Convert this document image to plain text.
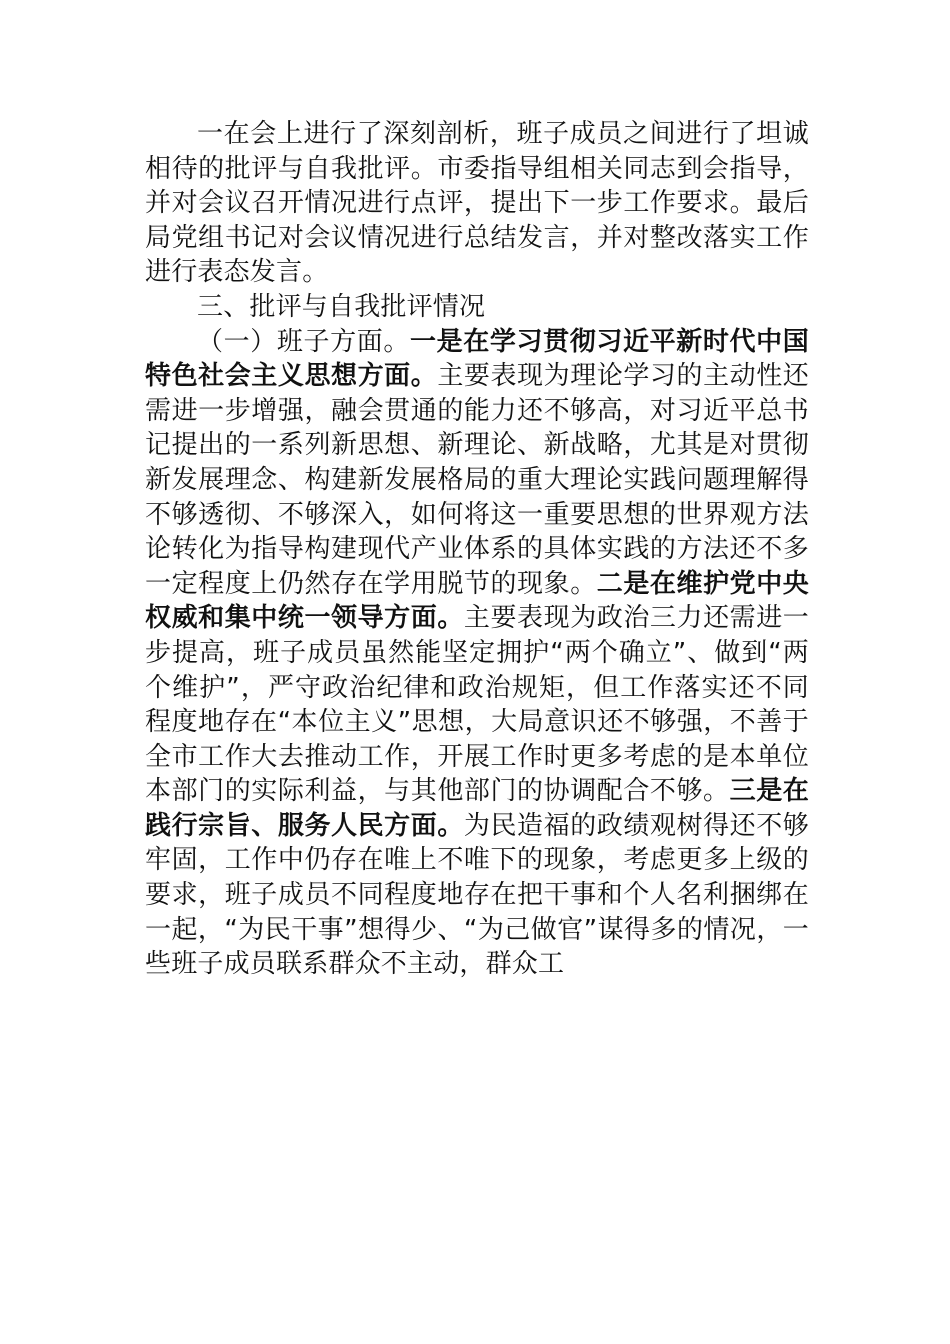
一在会上进行了深刻剖析，班子成员之间进行了坦诚相待的批评与自我批评。市委指导组相关同志到会指导，并对会议召开情况进行点评，提出下一步工作要求。最后局党组书记对会议情况进行总结发言，并对整改落实工作进行表态发言。

三、批评与自我批评情况

（一）班子方面。一是在学习贯彻习近平新时代中国特色社会主义思想方面。主要表现为理论学习的主动性还需进一步增强，融会贯通的能力还不够高，对习近平总书记提出的一系列新思想、新理论、新战略，尤其是对贯彻新发展理念、构建新发展格局的重大理论实践问题理解得不够透彻、不够深入，如何将这一重要思想的世界观方法论转化为指导构建现代产业体系的具体实践的方法还不多一定程度上仍然存在学用脱节的现象。二是在维护党中央权威和集中统一领导方面。主要表现为政治三力还需进一步提高，班子成员虽然能坚定拥护“两个确立”、做到“两个维护”，严守政治纪律和政治规矩，但工作落实还不同程度地存在“本位主义”思想，大局意识还不够强，不善于全市工作大去推动工作，开展工作时更多考虑的是本单位本部门的实际利益，与其他部门的协调配合不够。三是在践行宗旨、服务人民方面。为民造福的政绩观树得还不够牢固，工作中仍存在唯上不唯下的现象，考虑更多上级的要求，班子成员不同程度地存在把干事和个人名利捆绑在一起，“为民干事”想得少、“为己做官”谋得多的情况，一些班子成员联系群众不主动，群众工
